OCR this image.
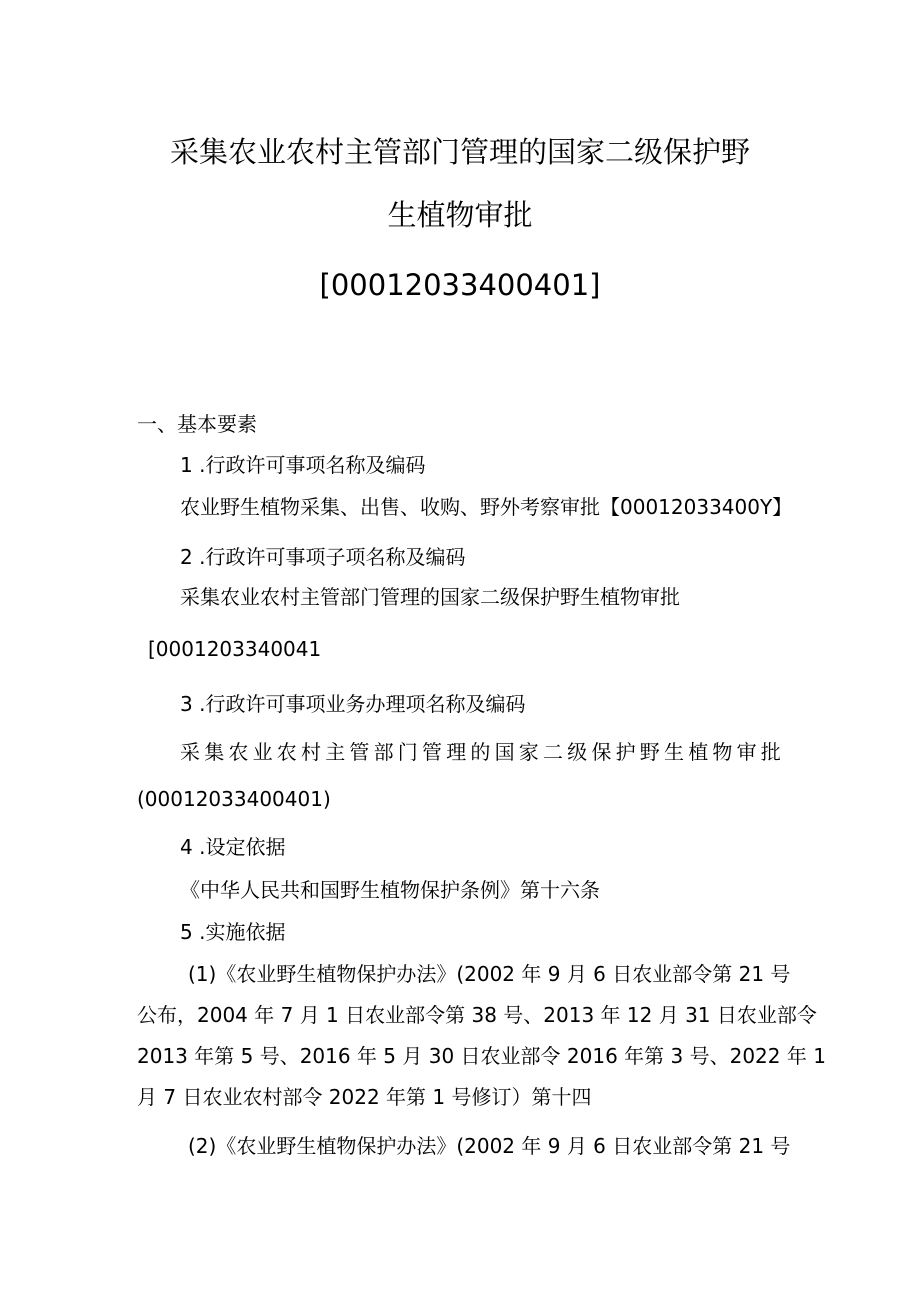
采集农业农村主管部门管理的国家二级保护野
生植物审批
[00012033400401]
一、基本要素
1 .行政许可事项名称及编码
农业野生植物采集、出售、收购、野外考察审批【00012033400Y】
2 .行政许可事项子项名称及编码
采集农业农村主管部门管理的国家二级保护野生植物审批
[0001203340041
3 .行政许可事项业务办理项名称及编码
采集农业农村主管部门管理的国家二级保护野生植物审批
(00012033400401)
4 .设定依据
《中华人民共和国野生植物保护条例》第十六条
5 .实施依据
(1)《农业野生植物保护办法》(2002 年 9 月 6 日农业部令第 21 号
公布，2004 年 7 月 1 日农业部令第 38 号、2013 年 12 月 31 日农业部令
2013 年第 5 号、2016 年 5 月 30 日农业部令 2016 年第 3 号、2022 年 1
月 7 日农业农村部令 2022 年第 1 号修订）第十四
(2)《农业野生植物保护办法》(2002 年 9 月 6 日农业部令第 21 号
